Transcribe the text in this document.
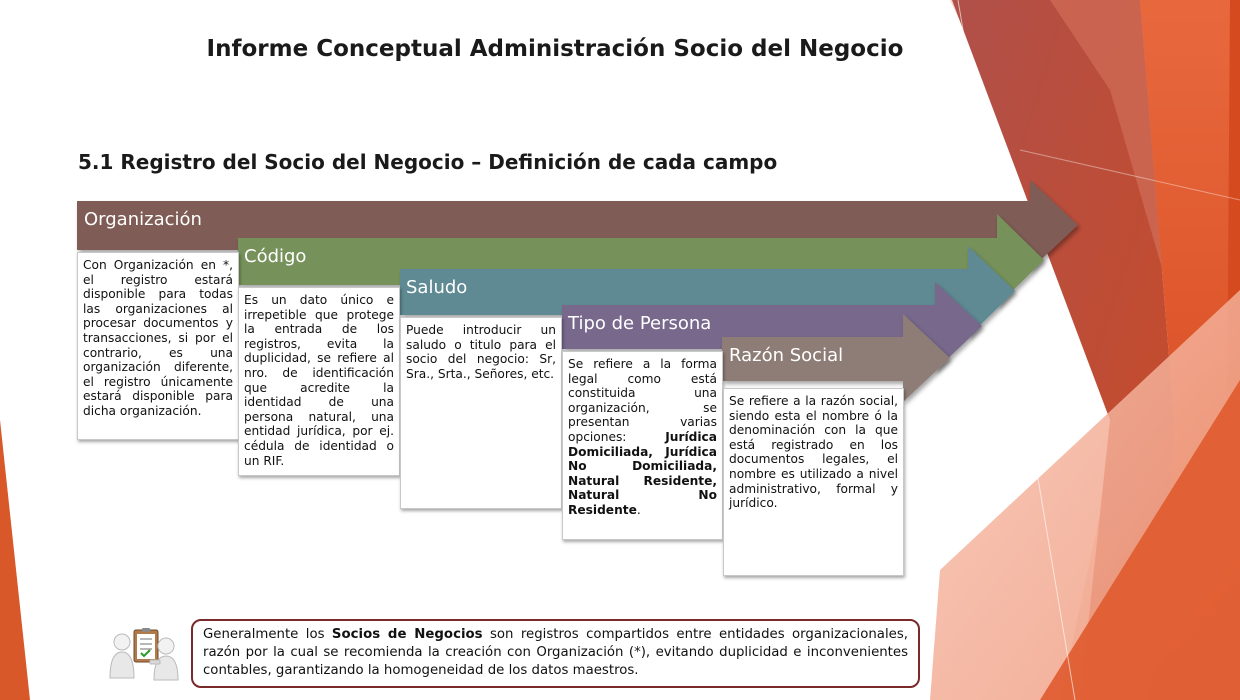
Informe Conceptual Administración Socio del Negocio
5.1 Registro del Socio del Negocio – Definición de cada campo
Organización
Código
Saludo
Tipo de Persona
Razón Social
Con Organización en *, el registro estará disponible para todas las organizaciones al procesar documentos y transacciones, si por el contrario, es una organización diferente, el registro únicamente estará disponible para dicha organización.
Es un dato único e irrepetible que protege la entrada de los registros, evita la duplicidad, se refiere al nro. de identificación que acredite la identidad de una persona natural, una entidad jurídica, por ej. cédula de identidad o un RIF.
Puede introducir un saludo o titulo para el socio del negocio: Sr, Sra., Srta., Señores, etc.
Se refiere a la forma legal como está constituida una organización, se presentan varias opciones:	Jurídica Domiciliada, Jurídica No Domiciliada, Natural Residente, Natural No Residente.
Se refiere a la razón social, siendo esta el nombre ó la denominación con la que está registrado en los documentos legales, el nombre es utilizado a nivel administrativo, formal y jurídico.
Generalmente los Socios de Negocios son registros compartidos entre entidades organizacionales, razón por la cual se recomienda la creación con Organización (*), evitando duplicidad e inconvenientes contables, garantizando la homogeneidad de los datos maestros.
